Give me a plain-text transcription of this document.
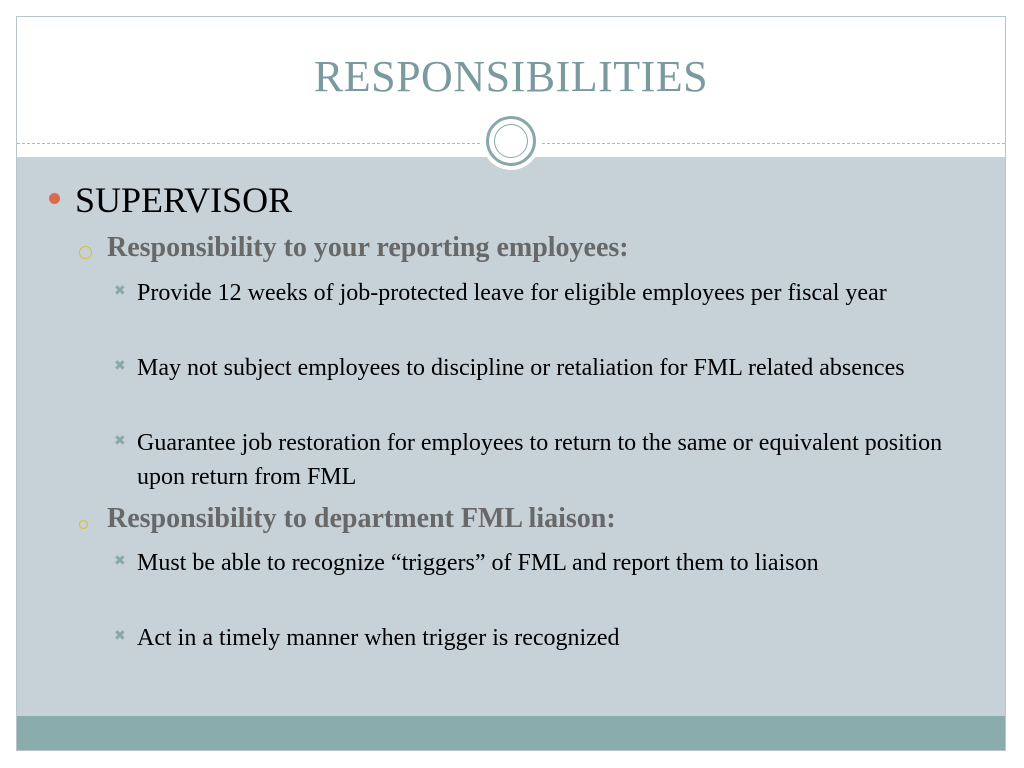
RESPONSIBILITIES
SUPERVISOR
Responsibility to your reporting employees:
✖ Provide 12 weeks of job-protected leave for eligible employees per fiscal year
✖ May not subject employees to discipline or retaliation for FML related absences
✖ Guarantee job restoration for employees to return to the same or equivalent position upon return from FML
Responsibility to department FML liaison:
✖ Must be able to recognize “triggers” of FML and report them to liaison
✖ Act in a timely manner when trigger is recognized
